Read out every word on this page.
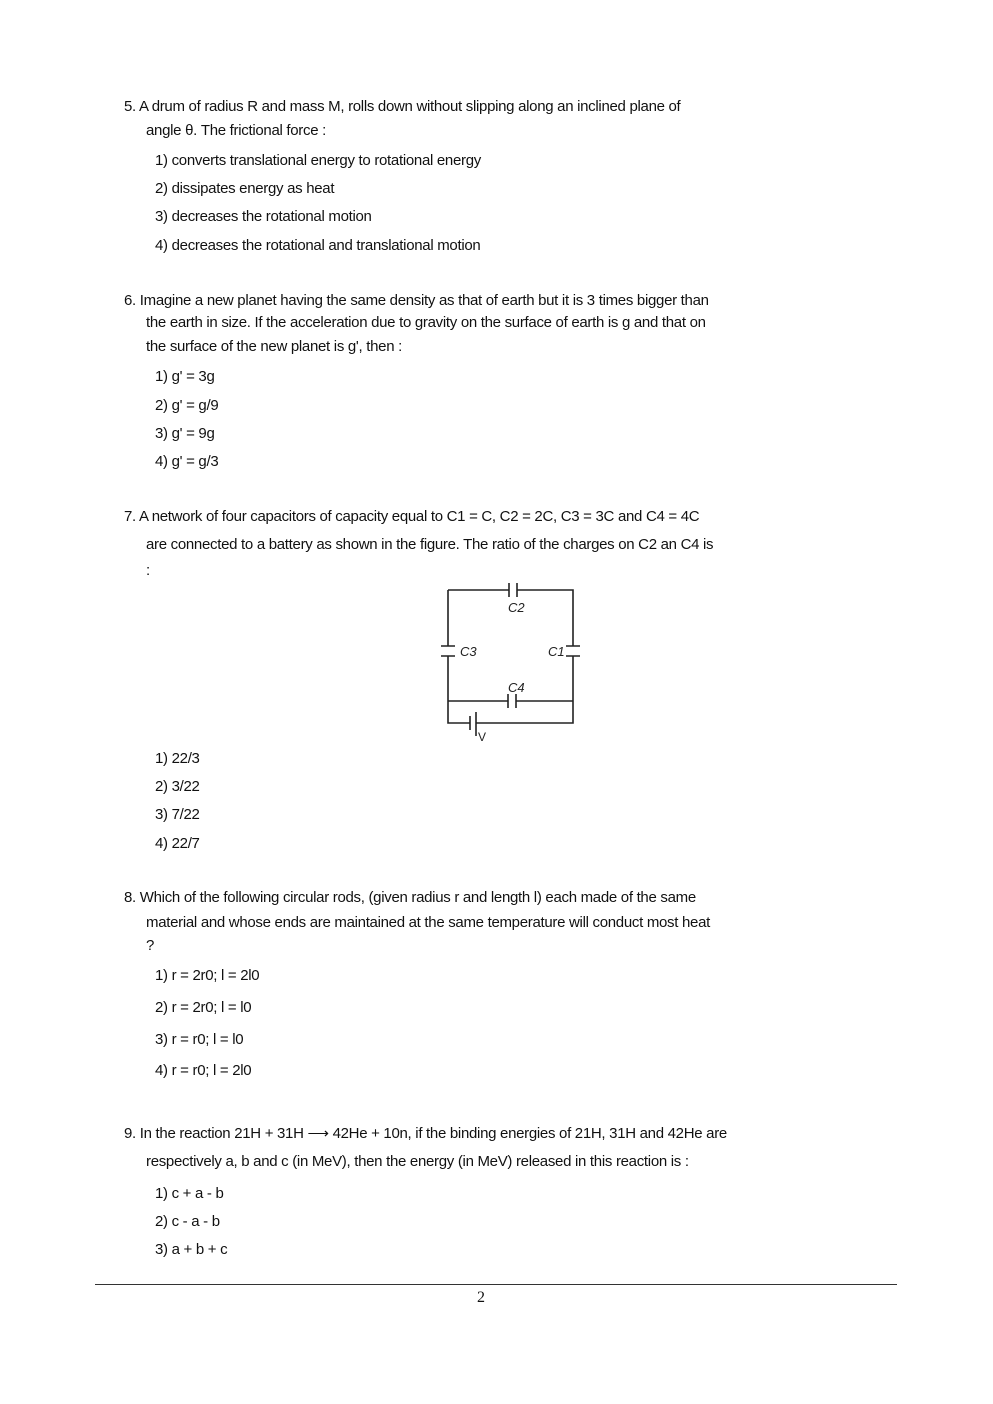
5. A drum of radius R and mass M, rolls down without slipping along an inclined plane of
angle θ. The frictional force :
1) converts translational energy to rotational energy
2) dissipates energy as heat
3) decreases the rotational motion
4) decreases the rotational and translational motion
6. Imagine a new planet having the same density as that of earth but it is 3 times bigger than
the earth in size. If the acceleration due to gravity on the surface of earth is g and that on
the surface of the new planet is g', then :
1) g' = 3g
2) g' = g/9
3) g' = 9g
4) g' = g/3
7. A network of four capacitors of capacity equal to C1 = C, C2 = 2C, C3 = 3C and C4 = 4C
are connected to a battery as shown in the figure. The ratio of the charges on C2 an C4 is
:
C2
C3	C1
C4
V
1) 22/3
2) 3/22
3) 7/22
4) 22/7
8. Which of the following circular rods, (given radius r and length l) each made of the same
material and whose ends are maintained at the same temperature will conduct most heat
?
1) r = 2r0; l = 2l0
2) r = 2r0; l = l0
3) r = r0; l = l0
4) r = r0; l = 2l0
9. In the reaction 21H + 31H ⟶ 42He + 10n, if the binding energies of 21H, 31H and 42He are
respectively a, b and c (in MeV), then the energy (in MeV) released in this reaction is :
1) c + a - b
2) c - a - b
3) a + b + c
2
